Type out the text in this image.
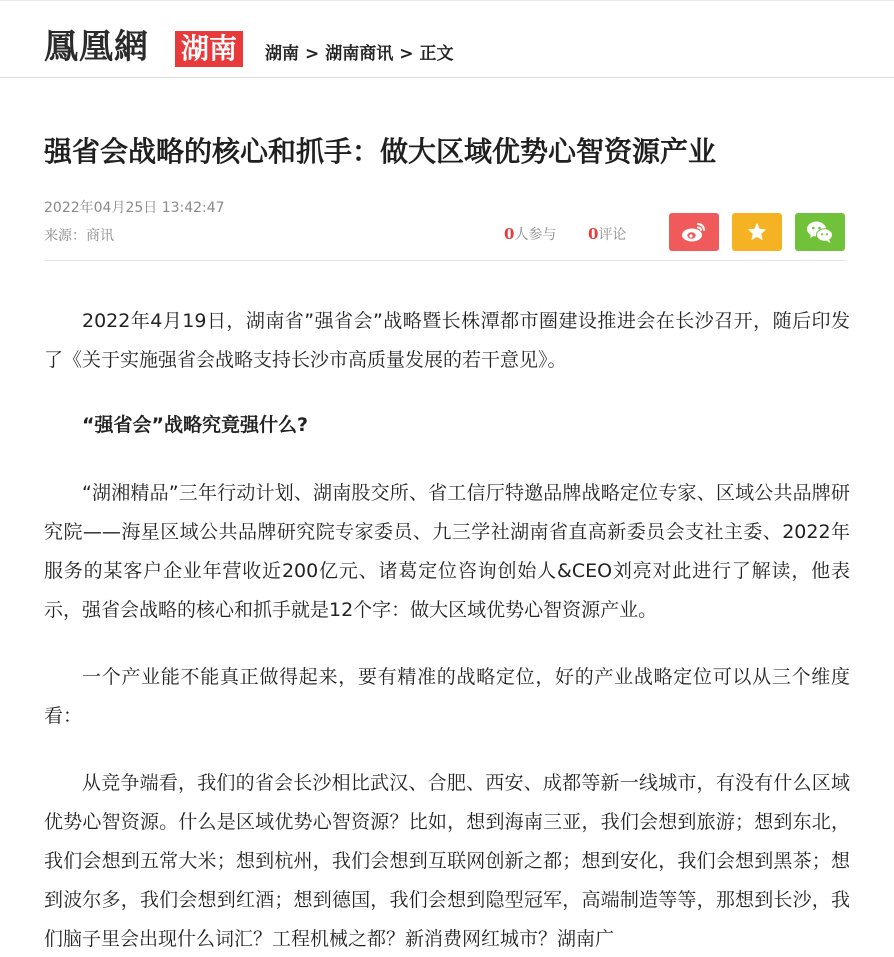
鳳凰網 湖南	湖南 > 湖南商讯 > 正文
强省会战略的核心和抓手：做大区域优势心智资源产业
2022年04月25日 13:42:47
来源：商讯	0人参与 0评论

2022年4月19日，湖南省”强省会”战略暨长株潭都市圈建设推进会在长沙召开，随后印发了《关于实施强省会战略支持长沙市高质量发展的若干意见》。

“强省会”战略究竟强什么?

“湖湘精品”三年行动计划、湖南股交所、省工信厅特邀品牌战略定位专家、区域公共品牌研究院——海星区域公共品牌研究院专家委员、九三学社湖南省直高新委员会支社主委、2022年服务的某客户企业年营收近200亿元、诸葛定位咨询创始人&CEO刘亮对此进行了解读，他表示，强省会战略的核心和抓手就是12个字：做大区域优势心智资源产业。

一个产业能不能真正做得起来，要有精准的战略定位，好的产业战略定位可以从三个维度看：

从竞争端看，我们的省会长沙相比武汉、合肥、西安、成都等新一线城市，有没有什么区域优势心智资源。什么是区域优势心智资源？比如，想到海南三亚，我们会想到旅游；想到东北，我们会想到五常大米；想到杭州，我们会想到互联网创新之都；想到安化，我们会想到黑茶；想到波尔多，我们会想到红酒；想到德国，我们会想到隐型冠军，高端制造等等，那想到长沙，我们脑子里会出现什么词汇？工程机械之都？新消费网红城市？湖南广
